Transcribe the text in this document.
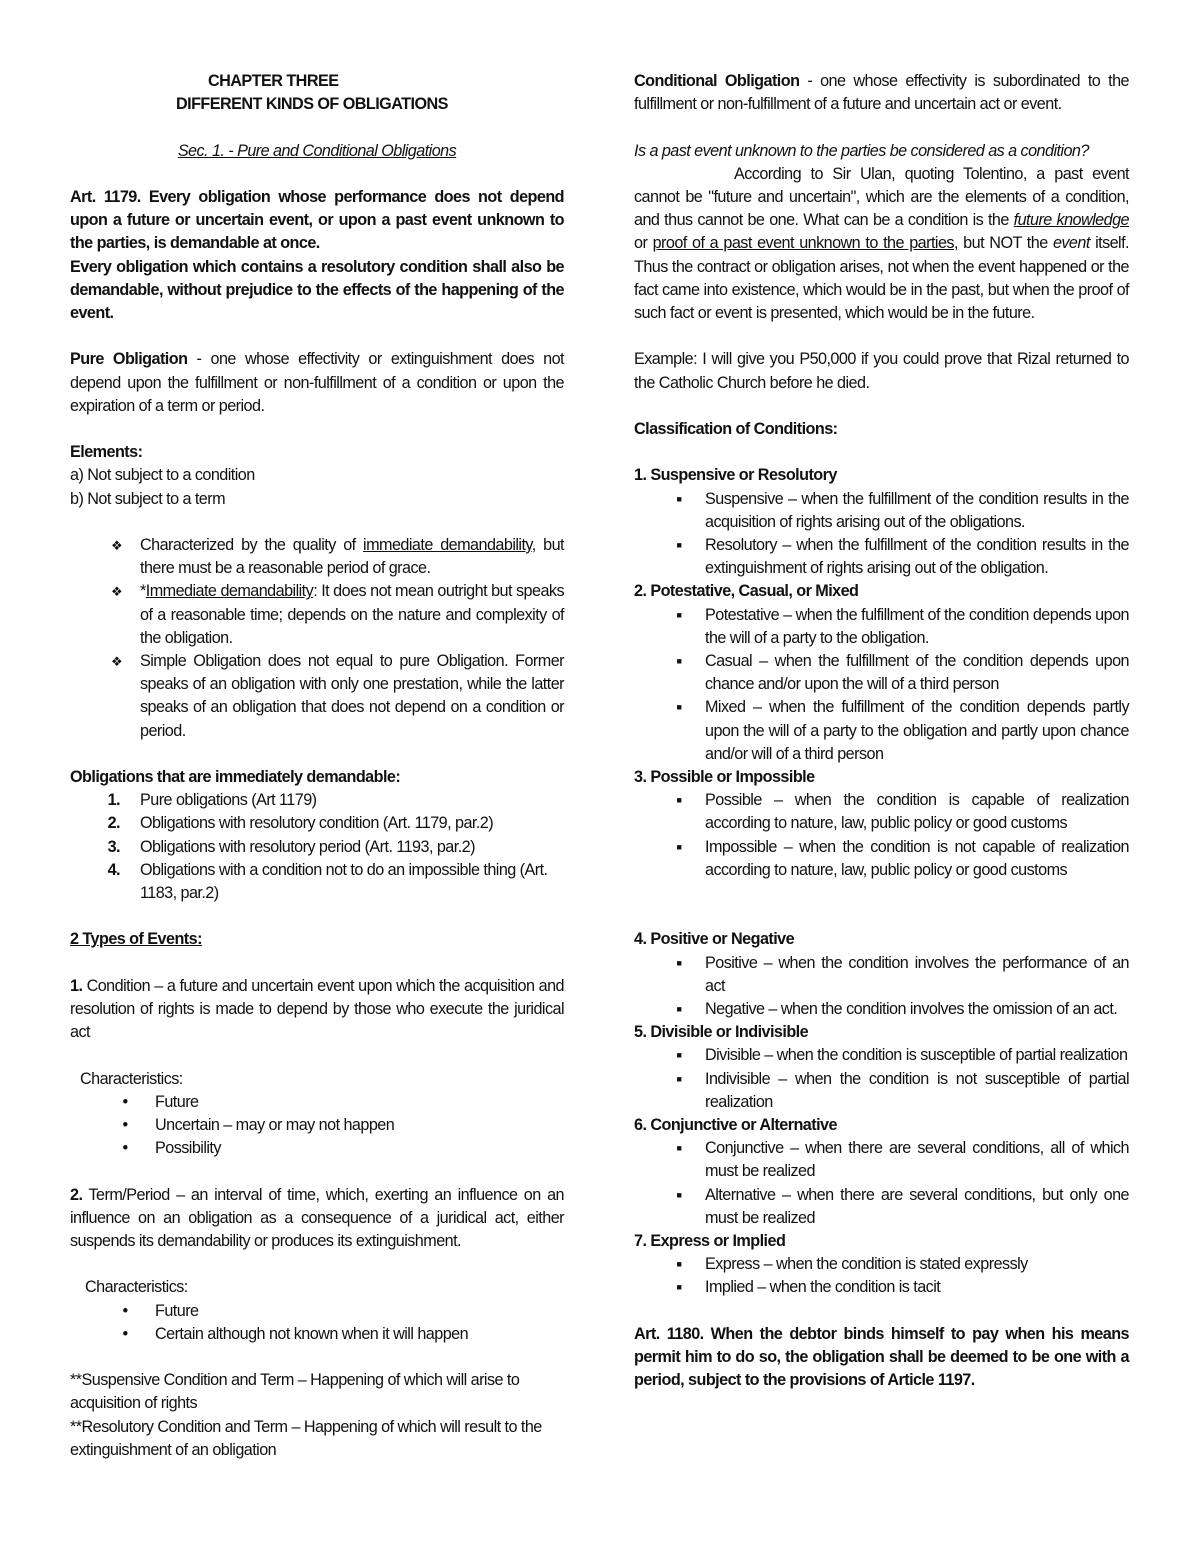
CHAPTER THREE

DIFFERENT KINDS OF OBLIGATIONS

Sec. 1. - Pure and Conditional Obligations

Art. 1179. Every obligation whose performance does not depend upon a future or uncertain event, or upon a past event unknown to the parties, is demandable at once.

Every obligation which contains a resolutory condition shall also be demandable, without prejudice to the effects of the happening of the event.

Pure Obligation - one whose effectivity or extinguishment does not depend upon the fulfillment or non-fulfillment of a condition or upon the expiration of a term or period.

Elements:

a) Not subject to a condition

b) Not subject to a term

❖	Characterized by the quality of immediate demandability, but there must be a reasonable period of grace.
❖	*Immediate demandability: It does not mean outright but speaks of a reasonable time; depends on the nature and complexity of the obligation.
❖	Simple Obligation does not equal to pure Obligation. Former speaks of an obligation with only one prestation, while the latter speaks of an obligation that does not depend on a condition or period.

Obligations that are immediately demandable:

1. Pure obligations (Art 1179)
2. Obligations with resolutory condition (Art. 1179, par.2)
3. Obligations with resolutory period (Art. 1193, par.2)
4. Obligations with a condition not to do an impossible thing (Art. 1183, par.2)

2 Types of Events:

1. Condition – a future and uncertain event upon which the acquisition and resolution of rights is made to depend by those who execute the juridical act

Characteristics:

•	Future
•	Uncertain – may or may not happen
•	Possibility

2. Term/Period – an interval of time, which, exerting an influence on an influence on an obligation as a consequence of a juridical act, either suspends its demandability or produces its extinguishment.

Characteristics:

•	Future
•	Certain although not known when it will happen

**Suspensive Condition and Term – Happening of which will arise to acquisition of rights

**Resolutory Condition and Term – Happening of which will result to the extinguishment of an obligation

Conditional Obligation - one whose effectivity is subordinated to the fulfillment or non-fulfillment of a future and uncertain act or event.

Is a past event unknown to the parties be considered as a condition?

According to Sir Ulan, quoting Tolentino, a past event cannot be "future and uncertain", which are the elements of a condition, and thus cannot be one. What can be a condition is the future knowledge or proof of a past event unknown to the parties, but NOT the event itself. Thus the contract or obligation arises, not when the event happened or the fact came into existence, which would be in the past, but when the proof of such fact or event is presented, which would be in the future.

Example: I will give you P50,000 if you could prove that Rizal returned to the Catholic Church before he died.

Classification of Conditions:

1. Suspensive or Resolutory

■ Suspensive – when the fulfillment of the condition results in the acquisition of rights arising out of the obligations.
■ Resolutory – when the fulfillment of the condition results in the extinguishment of rights arising out of the obligation.

2. Potestative, Casual, or Mixed

■ Potestative – when the fulfillment of the condition depends upon the will of a party to the obligation.
■ Casual – when the fulfillment of the condition depends upon chance and/or upon the will of a third person
■ Mixed – when the fulfillment of the condition depends partly upon the will of a party to the obligation and partly upon chance and/or will of a third person

3. Possible or Impossible

■ Possible – when the condition is capable of realization according to nature, law, public policy or good customs
■ Impossible – when the condition is not capable of realization according to nature, law, public policy or good customs

4. Positive or Negative

■ Positive – when the condition involves the performance of an act
■ Negative – when the condition involves the omission of an act.

5. Divisible or Indivisible

■ Divisible – when the condition is susceptible of partial realization
■ Indivisible – when the condition is not susceptible of partial realization

6. Conjunctive or Alternative

■ Conjunctive – when there are several conditions, all of which must be realized
■ Alternative – when there are several conditions, but only one must be realized

7. Express or Implied

■ Express – when the condition is stated expressly
■ Implied – when the condition is tacit

Art. 1180. When the debtor binds himself to pay when his means permit him to do so, the obligation shall be deemed to be one with a period, subject to the provisions of Article 1197.
